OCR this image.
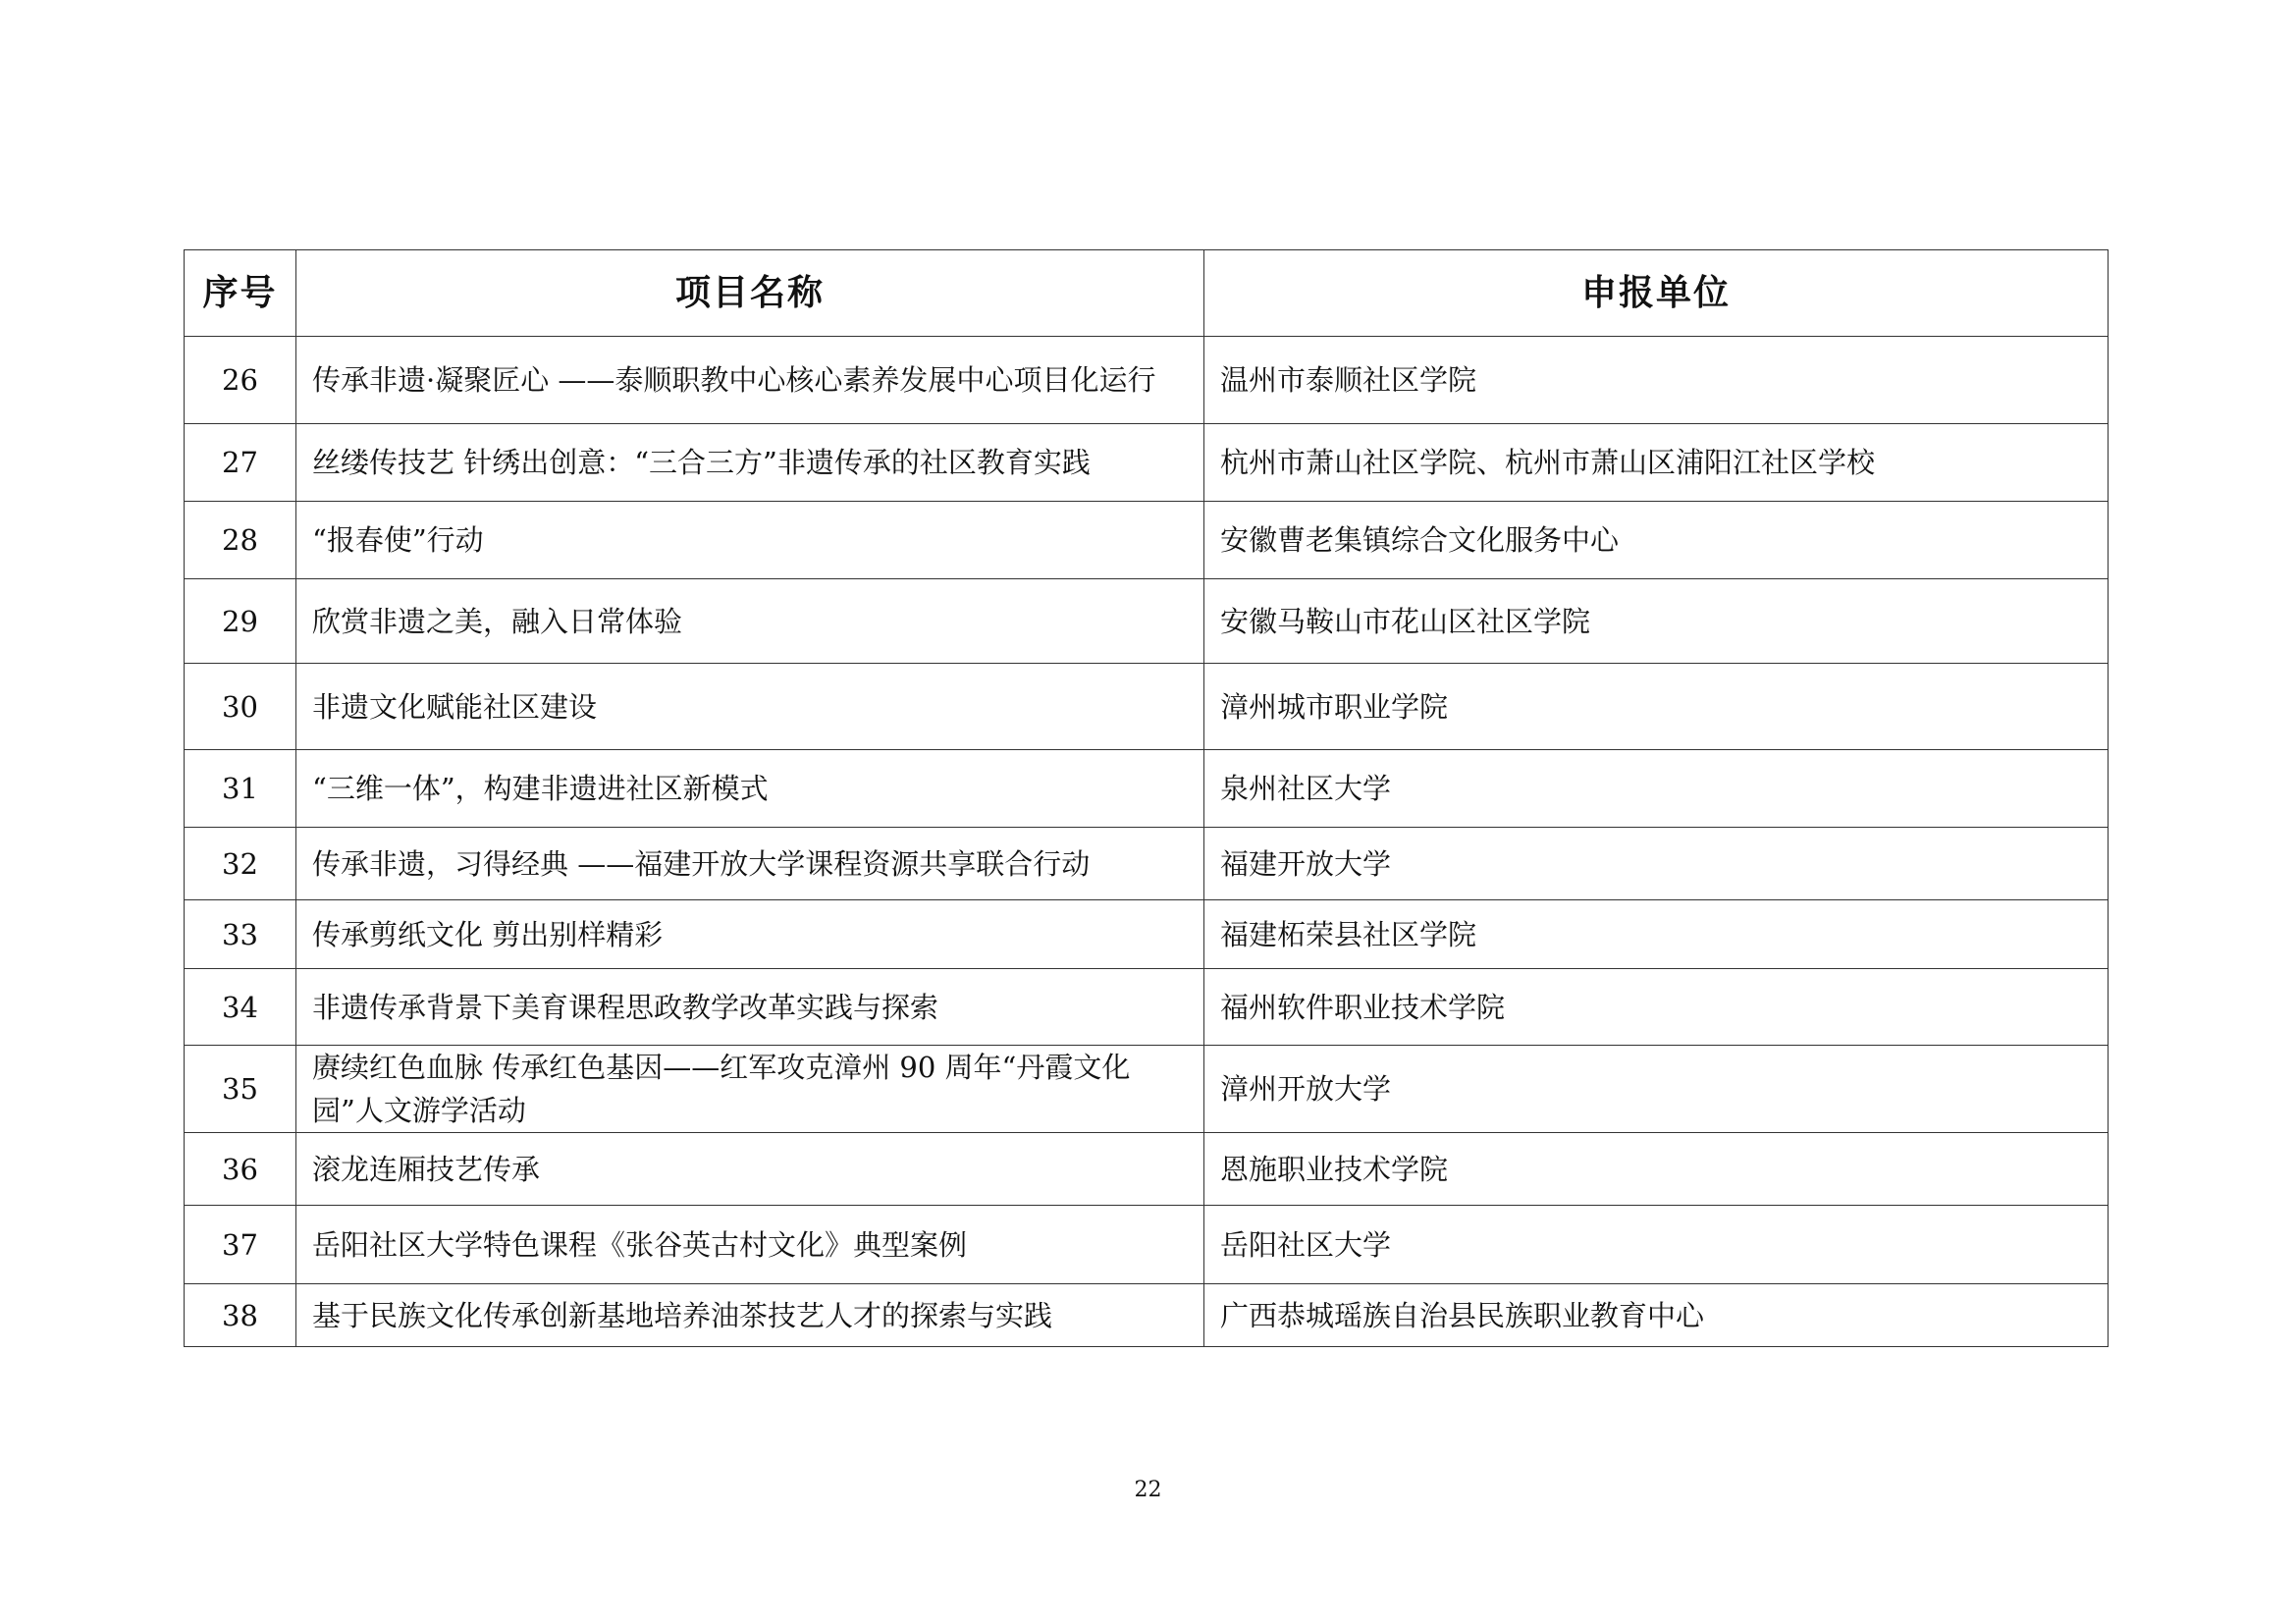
序号	项目名称	申报单位
26	传承非遗·凝聚匠心 ——泰顺职教中心核心素养发展中心项目化运行	温州市泰顺社区学院
27	丝缕传技艺 针绣出创意：“三合三方”非遗传承的社区教育实践	杭州市萧山社区学院、杭州市萧山区浦阳江社区学校
28	“报春使”行动	安徽曹老集镇综合文化服务中心
29	欣赏非遗之美，融入日常体验	安徽马鞍山市花山区社区学院
30	非遗文化赋能社区建设	漳州城市职业学院
31	“三维一体”，构建非遗进社区新模式	泉州社区大学
32	传承非遗，习得经典 ——福建开放大学课程资源共享联合行动	福建开放大学
33	传承剪纸文化 剪出别样精彩	福建柘荣县社区学院
34	非遗传承背景下美育课程思政教学改革实践与探索	福州软件职业技术学院
35	赓续红色血脉 传承红色基因——红军攻克漳州 90 周年“丹霞文化园”人文游学活动	漳州开放大学
36	滚龙连厢技艺传承	恩施职业技术学院
37	岳阳社区大学特色课程《张谷英古村文化》典型案例	岳阳社区大学
38	基于民族文化传承创新基地培养油茶技艺人才的探索与实践	广西恭城瑶族自治县民族职业教育中心
22
